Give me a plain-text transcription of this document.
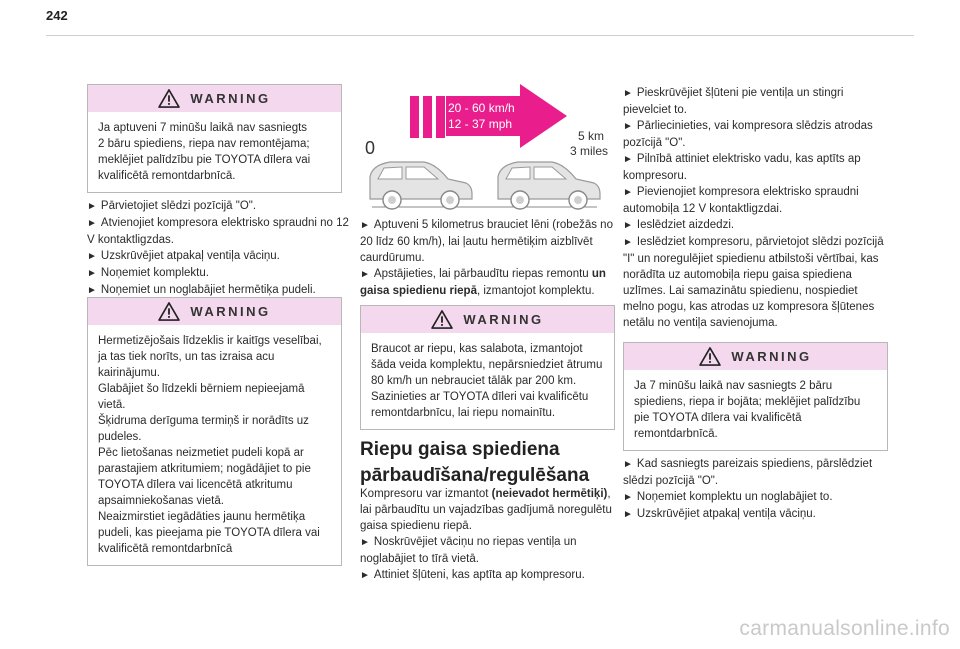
242
WARNING

Ja aptuveni 7 minūšu laikā nav sasniegts

2 bāru spiediens, riepa nav remontējama;

meklējiet palīdzību pie TOYOTA dīlera vai

kvalificētā remontdarbnīcā.

► Pārvietojiet slēdzi pozīcijā "O".

► Atvienojiet kompresora elektrisko spraudni no 12 V kontaktligzdas.

► Uzskrūvējiet atpakaļ ventiļa vāciņu.

► Noņemiet komplektu.

► Noņemiet un noglabājiet hermētiķa pudeli.

WARNING

Hermetizējošais līdzeklis ir kaitīgs veselībai,

ja tas tiek norīts, un tas izraisa acu

kairinājumu.

Glabājiet šo līdzekli bērniem nepieejamā

vietā.

Šķidruma derīguma termiņš ir norādīts uz

pudeles.

Pēc lietošanas neizmetiet pudeli kopā ar

parastajiem atkritumiem; nogādājiet to pie

TOYOTA dīlera vai licencētā atkritumu

apsaimniekošanas vietā.

Neaizmirstiet iegādāties jaunu hermētiķa

pudeli, kas pieejama pie TOYOTA dīlera vai

kvalificētā remontdarbnīcā

20 - 60 km/h
12 - 37 mph
0
5 km
3 miles

► Aptuveni 5 kilometrus brauciet lēni (robežās no 20 līdz 60 km/h), lai ļautu hermētiķim aizblīvēt caurdūrumu.

► Apstājieties, lai pārbaudītu riepas remontu un gaisa spiedienu riepā, izmantojot komplektu.

WARNING

Braucot ar riepu, kas salabota, izmantojot

šāda veida komplektu, nepārsniedziet ātrumu

80 km/h un nebrauciet tālāk par 200 km.

Sazinieties ar TOYOTA dīleri vai kvalificētu

remontdarbnīcu, lai riepu nomainītu.

Riepu gaisa spiediena
pārbaudīšana/regulēšana

Kompresoru var izmantot (neievadot hermētiķi), lai pārbaudītu un vajadzības gadījumā noregulētu gaisa spiedienu riepā.

► Noskrūvējiet vāciņu no riepas ventiļa un noglabājiet to tīrā vietā.

► Attiniet šļūteni, kas aptīta ap kompresoru.

► Pieskrūvējiet šļūteni pie ventiļa un stingri pievelciet to.

► Pārliecinieties, vai kompresora slēdzis atrodas pozīcijā "O".

► Pilnībā attiniet elektrisko vadu, kas aptīts ap kompresoru.

► Pievienojiet kompresora elektrisko spraudni automobiļa 12 V kontaktligzdai.

► Ieslēdziet aizdedzi.

► Ieslēdziet kompresoru, pārvietojot slēdzi pozīcijā "I" un noregulējiet spiedienu atbilstoši vērtībai, kas norādīta uz automobiļa riepu gaisa spiediena uzlīmes. Lai samazinātu spiedienu, nospiediet melno pogu, kas atrodas uz kompresora šļūtenes netālu no ventiļa savienojuma.

WARNING

Ja 7 minūšu laikā nav sasniegts 2 bāru

spiediens, riepa ir bojāta; meklējiet palīdzību

pie TOYOTA dīlera vai kvalificētā

remontdarbnīcā.

► Kad sasniegts pareizais spiediens, pārslēdziet slēdzi pozīcijā "O".

► Noņemiet komplektu un noglabājiet to.

► Uzskrūvējiet atpakaļ ventiļa vāciņu.

carmanualsonline.info
